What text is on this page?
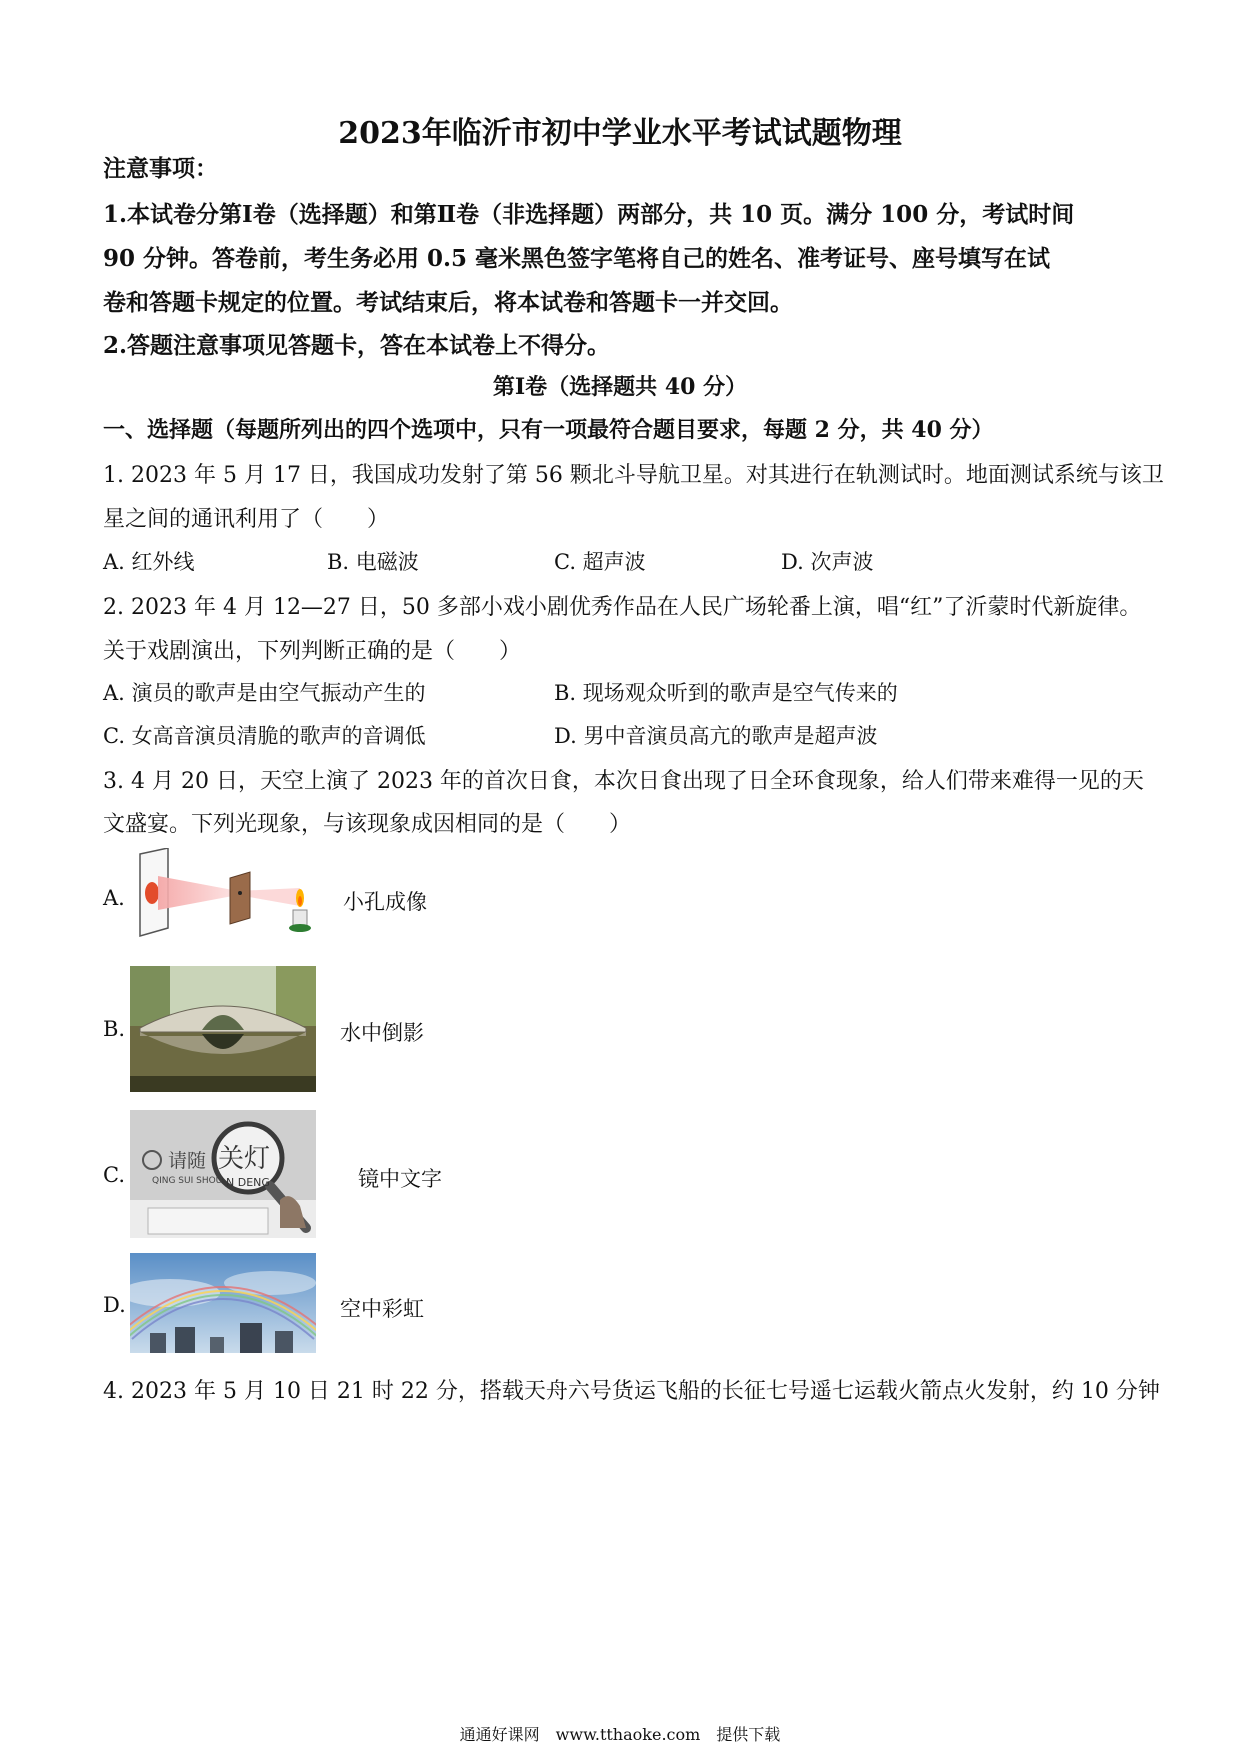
2023年临沂市初中学业水平考试试题物理
注意事项：
1.本试卷分第Ⅰ卷（选择题）和第Ⅱ卷（非选择题）两部分，共 10 页。满分 100 分，考试时间
90 分钟。答卷前，考生务必用 0.5 毫米黑色签字笔将自己的姓名、准考证号、座号填写在试
卷和答题卡规定的位置。考试结束后，将本试卷和答题卡一并交回。
2.答题注意事项见答题卡，答在本试卷上不得分。
第Ⅰ卷（选择题共 40 分）
一、选择题（每题所列出的四个选项中，只有一项最符合题目要求，每题 2 分，共 40 分）
1. 2023 年 5 月 17 日，我国成功发射了第 56 颗北斗导航卫星。对其进行在轨测试时。地面测试系统与该卫
星之间的通讯利用了（　　）
A. 红外线	B. 电磁波	C. 超声波	D. 次声波
2. 2023 年 4 月 12—27 日，50 多部小戏小剧优秀作品在人民广场轮番上演，唱“红”了沂蒙时代新旋律。
关于戏剧演出，下列判断正确的是（　　）
A. 演员的歌声是由空气振动产生的	B. 现场观众听到的歌声是空气传来的
C. 女高音演员清脆的歌声的音调低	D. 男中音演员高亢的歌声是超声波
3. 4 月 20 日，天空上演了 2023 年的首次日食，本次日食出现了日全环食现象，给人们带来难得一见的天
文盛宴。下列光现象，与该现象成因相同的是（　　）
A.	小孔成像
B.	水中倒影
C.
请随 关灯
QING SUI SHOU N DENG	镜中文字
D.	空中彩虹
4. 2023 年 5 月 10 日 21 时 22 分，搭载天舟六号货运飞船的长征七号遥七运载火箭点火发射，约 10 分钟
通通好课网　www.tthaoke.com　提供下载
